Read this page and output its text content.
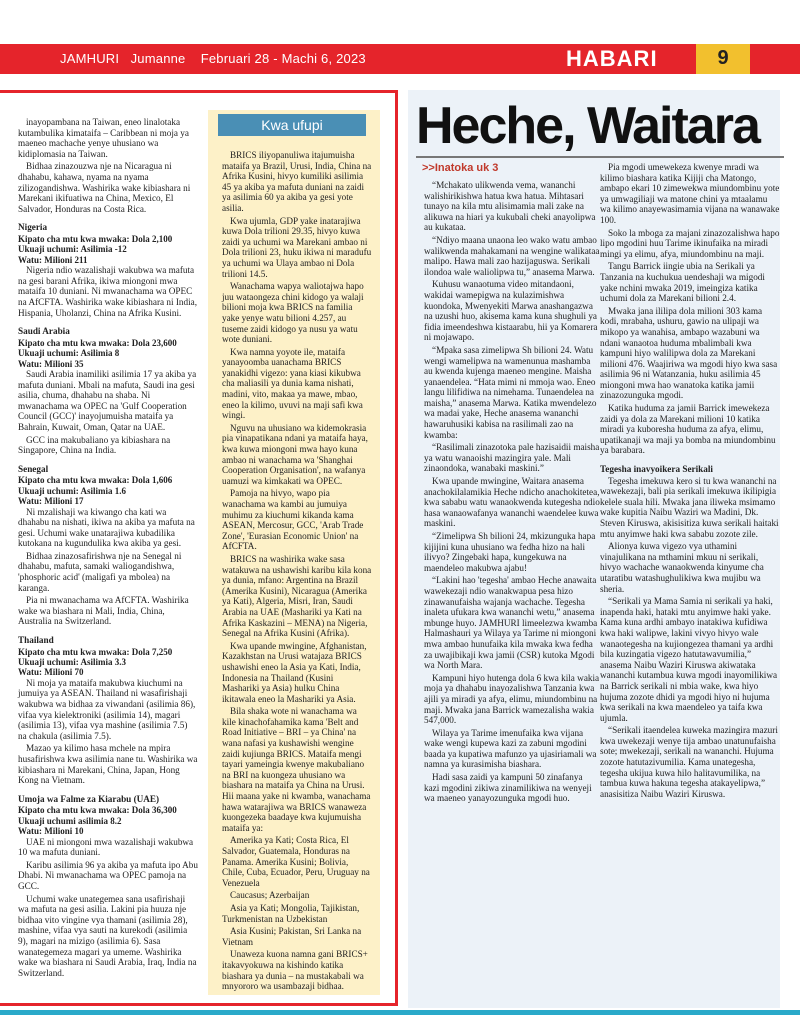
JAMHURI   Jumanne    Februari 28 - Machi 6, 2023	HABARI	9

inayopambana na Taiwan, eneo linalotaka kutambulika kimataifa – Caribbean ni moja ya maeneo machache yenye uhusiano wa kidiplomasia na Taiwan.

Bidhaa zinazouzwa nje na Nicaragua ni dhahabu, kahawa, nyama na nyama zilizogandishwa. Washirika wake kibiashara ni Marekani ikifuatiwa na China, Mexico, El Salvador, Honduras na Costa Rica.

Nigeria
Kipato cha mtu kwa mwaka: Dola 2,100
Ukuaji uchumi: Asilimia -12
Watu: Milioni 211

Nigeria ndio wazalishaji wakubwa wa mafuta na gesi barani Afrika, ikiwa miongoni mwa mataifa 10 duniani. Ni mwanachama wa OPEC na AfCFTA. Washirika wake kibiashara ni India, Hispania, Uholanzi, China na Afrika Kusini.

Saudi Arabia
Kipato cha mtu kwa mwaka: Dola 23,600
Ukuaji uchumi: Asilimia 8
Watu: Milioni 35

Saudi Arabia inamiliki asilimia 17 ya akiba ya mafuta duniani. Mbali na mafuta, Saudi ina gesi asilia, chuma, dhahabu na shaba. Ni mwanachama wa OPEC na 'Gulf Cooperation Council (GCC)' inayojumuisha mataifa ya Bahrain, Kuwait, Oman, Qatar na UAE.

GCC ina makubaliano ya kibiashara na Singapore, China na India.

Senegal
Kipato cha mtu kwa mwaka: Dola 1,606
Ukuaji uchumi: Asilimia 1.6
Watu: Milioni 17

Ni mzalishaji wa kiwango cha kati wa dhahabu na nishati, ikiwa na akiba ya mafuta na gesi. Uchumi wake unatarajiwa kubadilika kutokana na kugundulika kwa akiba ya gesi.

Bidhaa zinazosafirishwa nje na Senegal ni dhahabu, mafuta, samaki waliogandishwa, 'phosphoric acid' (maligafi ya mbolea) na karanga.

Pia ni mwanachama wa AfCFTA. Washirika wake wa biashara ni Mali, India, China, Australia na Switzerland.

Thailand
Kipato cha mtu kwa mwaka: Dola 7,250
Ukuaji uchumi: Asilimia 3.3
Watu: Milioni 70

Ni moja ya mataifa makubwa kiuchumi na jumuiya ya ASEAN. Thailand ni wasafirishaji wakubwa wa bidhaa za viwandani (asilimia 86), vifaa vya kielektroniki (asilimia 14), magari (asilimia 13), vifaa vya mashine (asilimia 7.5) na chakula (asilimia 7.5).

Mazao ya kilimo hasa mchele na mpira husafirishwa kwa asilimia nane tu. Washirika wa kibiashara ni Marekani, China, Japan, Hong Kong na Vietnam.

Umoja wa Falme za Kiarabu (UAE)
Kipato cha mtu kwa mwaka: Dola 36,300
Ukuaji uchumi asilimia 8.2
Watu: Milioni 10

UAE ni miongoni mwa wazalishaji wakubwa 10 wa mafuta duniani.

Karibu asilimia 96 ya akiba ya mafuta ipo Abu Dhabi. Ni mwanachama wa OPEC pamoja na GCC.

Uchumi wake unategemea sana usafirishaji wa mafuta na gesi asilia. Lakini pia huuza nje bidhaa vito vingine vya thamani (asilimia 28), mashine, vifaa vya sauti na kurekodi (asilimia 9), magari na mizigo (asilimia 6). Sasa wanategemeza magari ya umeme. Washirika wake wa biashara ni Saudi Arabia, Iraq, India na Switzerland.

Kwa ufupi

BRICS iliyopanuliwa itajumuisha mataifa ya Brazil, Urusi, India, China na Afrika Kusini, hivyo kumiliki asilimia 45 ya akiba ya mafuta duniani na zaidi ya asilimia 60 ya akiba ya gesi yote asilia.

Kwa ujumla, GDP yake inatarajiwa kuwa Dola trilioni 29.35, hivyo kuwa zaidi ya uchumi wa Marekani ambao ni Dola trilioni 23, huku ikiwa ni maradufu ya uchumi wa Ulaya ambao ni Dola trilioni 14.5.

Wanachama wapya waliotajwa hapo juu wataongeza chini kidogo ya walaji bilioni moja kwa BRICS na familia yake yenye watu bilioni 4.257, au tuseme zaidi kidogo ya nusu ya watu wote duniani.

Kwa namna yoyote ile, mataifa yanayoomba uanachama BRICS yanakidhi vigezo: yana kiasi kikubwa cha maliasili ya dunia kama nishati, madini, vito, makaa ya mawe, mbao, eneo la kilimo, uvuvi na maji safi kwa wingi.

Nguvu na uhusiano wa kidemokrasia pia vinapatikana ndani ya mataifa haya, kwa kuwa miongoni mwa hayo kuna ambao ni wanachama wa 'Shanghai Cooperation Organisation', na wafanya uamuzi wa kimkakati wa OPEC.

Pamoja na hivyo, wapo pia wanachama wa kambi au jumuiya muhimu za kiuchumi kikanda kama ASEAN, Mercosur, GCC, 'Arab Trade Zone', 'Eurasian Economic Union' na AfCFTA.

BRICS na washirika wake sasa watakuwa na ushawishi karibu kila kona ya dunia, mfano: Argentina na Brazil (Amerika Kusini), Nicaragua (Amerika ya Kati), Algeria, Misri, Iran, Saudi Arabia na UAE (Mashariki ya Kati na Afrika Kaskazini – MENA) na Nigeria, Senegal na Afrika Kusini (Afrika).

Kwa upande mwingine, Afghanistan, Kazakhstan na Urusi watajaza BRICS ushawishi eneo la Asia ya Kati, India, Indonesia na Thailand (Kusini Mashariki ya Asia) hulku China ikitawala eneo la Mashariki ya Asia.

Bila shaka wote ni wanachama wa kile kinachofahamika kama 'Belt and Road Initiative – BRI – ya China' na wana nafasi ya kushawishi wengine zaidi kujiunga BRICS. Mataifa mengi tayari yameingia kwenye makubaliano na BRI na kuongeza uhusiano wa biashara na mataifa ya China na Urusi. Hii maana yake ni kwamba, wanachama hawa watarajiwa wa BRICS wanaweza kuongezeka baadaye kwa kujumuisha mataifa ya:

Amerika ya Kati; Costa Rica, El Salvador, Guatemala, Honduras na Panama. Amerika Kusini; Bolivia, Chile, Cuba, Ecuador, Peru, Uruguay na Venezuela

Caucasus; Azerbaijan

Asia ya Kati; Mongolia, Tajikistan, Turkmenistan na Uzbekistan

Asia Kusini; Pakistan, Sri Lanka na Vietnam

Unaweza kuona namna gani BRICS+ itakavyokuwa na kishindo katika biashara ya dunia – na mustakabali wa mnyororo wa usambazaji bidhaa.

Heche, Waitara
>>Inatoka uk 3

“Mchakato ulikwenda vema, wananchi walishirikishwa hatua kwa hatua. Mihtasari tunayo na kila mtu alisimamia mali zake na alikuwa na hiari ya kukubali cheki anayolipwa au kukataa.

“Ndiyo maana unaona leo wako watu ambao walikwenda mahakamani na wengine walikataa malipo. Hawa mali zao hazijaguswa. Serikali ilondoa wale waliolipwa tu,” anasema Marwa.

Kuhusu wanaotuma video mitandaoni, wakidai wamepigwa na kulazimishwa kuondoka, Mwenyekiti Marwa anashangazwa na uzushi huo, akisema kama kuna shughuli ya fidia imeendeshwa kistaarabu, hii ya Komarera ni mojawapo.

“Mpaka sasa zimelipwa Sh bilioni 24. Watu wengi wamelipwa na wamenunua mashamba au kwenda kujenga maeneo mengine. Maisha yanaendelea. “Hata mimi ni mmoja wao. Eneo langu lilifidiwa na nimehama. Tunaendelea na maisha,” anasema Marwa. Katika mwendelezo wa madai yake, Heche anasema wananchi hawaruhusiki kabisa na rasilimali zao na kwamba:

“Rasilimali zinazotoka pale hazisaidii maisha ya watu wanaoishi mazingira yale. Mali zinaondoka, wanabaki maskini.”

Kwa upande mwingine, Waitara anasema anachokilalamikia Heche ndicho anachokitetea, kwa sababu watu wanaokwenda kutegesha ndio hasa wanaowafanya wananchi waendelee kuwa maskini.

“Zimelipwa Sh bilioni 24, mkizunguka hapa kijijini kuna uhusiano wa fedha hizo na hali ilivyo? Zingebaki hapa, kungekuwa na maendeleo makubwa ajabu!

“Lakini hao 'tegesha' ambao Heche anawaita wawekezaji ndio wanakwapua pesa hizo zinawanufaisha wajanja wachache. Tegesha inaleta ufukara kwa wananchi wetu,” anasema mbunge huyo. JAMHURI limeelezwa kwamba Halmashauri ya Wilaya ya Tarime ni miongoni mwa ambao hunufaika kila mwaka kwa fedha za uwajibikaji kwa jamii (CSR) kutoka Mgodi wa North Mara.

Kampuni hiyo hutenga dola 6 kwa kila wakia moja ya dhahabu inayozalishwa Tanzania kwa ajili ya miradi ya afya, elimu, miundombinu na maji. Mwaka jana Barrick wamezalisha wakia 547,000.

Wilaya ya Tarime imenufaika kwa vijana wake wengi kupewa kazi za zabuni mgodini baada ya kupatiwa mafunzo ya ujasiriamali wa namna ya kurasimisha biashara.

Hadi sasa zaidi ya kampuni 50 zinafanya kazi mgodini zikiwa zinamilikiwa na wenyeji wa maeneo yanayozunguka mgodi huo.

Pia mgodi umewekeza kwenye mradi wa kilimo biashara katika Kijiji cha Matongo, ambapo ekari 10 zimewekwa miundombinu yote ya umwagiliaji wa matone chini ya mtaalamu wa kilimo anayewasimamia vijana na wanawake 100.

Soko la mboga za majani zinazozalishwa hapo lipo mgodini huu Tarime ikinufaika na miradi mingi ya elimu, afya, miundombinu na maji.

Tangu Barrick iingie ubia na Serikali ya Tanzania na kuchukua uendeshaji wa migodi yake nchini mwaka 2019, imeingiza katika uchumi dola za Marekani bilioni 2.4.

Mwaka jana ililipa dola milioni 303 kama kodi, mrabaha, ushuru, gawio na ulipaji wa mikopo ya wanahisa, ambapo wazabuni wa ndani wanaotoa huduma mbalimbali kwa kampuni hiyo walilipwa dola za Marekani milioni 476. Waajiriwa wa mgodi hiyo kwa sasa asilimia 96 ni Watanzania, huku asilimia 45 miongoni mwa hao wanatoka katika jamii zinazozunguka mgodi.

Katika huduma za jamii Barrick imewekeza zaidi ya dola za Marekani milioni 10 katika miradi ya kuboresha huduma za afya, elimu, upatikanaji wa maji ya bomba na miundombinu ya barabara.

Tegesha inavyoikera Serikali

Tegesha imekuwa kero si tu kwa wananchi na wawekezaji, bali pia serikali imekuwa ikilipigia kelele suala hili. Mwaka jana iliweka msimamo wake kupitia Naibu Waziri wa Madini, Dk. Steven Kiruswa, akisisitiza kuwa serikali haitaki mtu anyimwe haki kwa sababu zozote zile.

Alionya kuwa vigezo vya uthamini vinajulikana na mthamini mkuu ni serikali, hivyo wachache wanaokwenda kinyume cha utaratibu watashughulikiwa kwa mujibu wa sheria.

“Serikali ya Mama Samia ni serikali ya haki, inapenda haki, hataki mtu anyimwe haki yake. Kama kuna ardhi ambayo inatakiwa kufidiwa kwa haki walipwe, lakini vivyo hivyo wale wanaotegesha na kujiongezea thamani ya ardhi bila kuzingatia vigezo hatutawavumilia,” anasema Naibu Waziri Kiruswa akiwataka wananchi kutambua kuwa mgodi inayomilikiwa na Barrick serikali ni mbia wake, kwa hiyo hujuma zozote dhidi ya mgodi hiyo ni hujuma kwa serikali na kwa maendeleo ya taifa kwa ujumla.

“Serikali itaendelea kuweka mazingira mazuri kwa uwekezaji wenye tija ambao unatunufaisha sote; mwekezaji, serikali na wananchi. Hujuma zozote hatutazivumilia. Kama unategesha, tegesha ukijua kuwa hilo halitavumilika, na tambua kuwa hakuna tegesha atakayelipwa,” anasisitiza Naibu Waziri Kiruswa.
